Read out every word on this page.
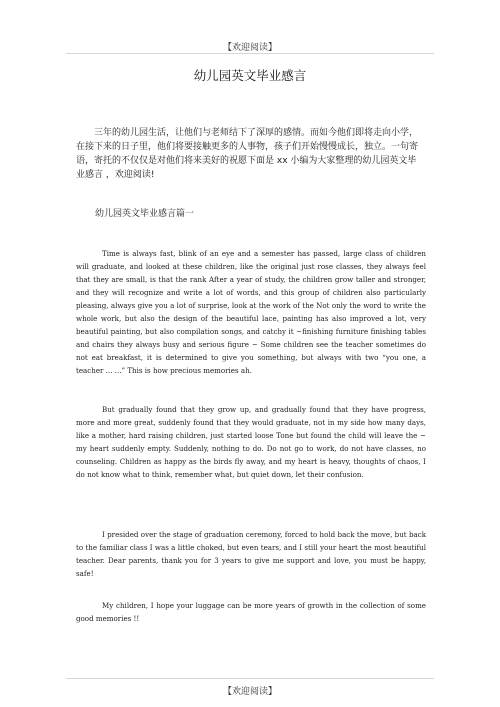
【欢迎阅读】
幼儿园英文毕业感言
三年的幼儿园生活，让他们与老师结下了深厚的感情。而如今他们即将走向小学，在接下来的日子里，他们将要接触更多的人事物，孩子们开始慢慢成长，独立。一句寄语，寄托的不仅仅是对他们将来美好的祝愿下面是 xx 小编为大家整理的幼儿园英文毕业感言 ，欢迎阅读!
幼儿园英文毕业感言篇一

Time is always fast, blink of an eye and a semester has passed, large class of children will graduate, and looked at these children, like the original just rose classes, they always feel that they are small, is that the rank After a year of study, the children grow taller and stronger, and they will recognize and write a lot of words, and this group of children also particularly pleasing, always give you a lot of surprise, look at the work of the Not only the word to write the whole work, but also the design of the beautiful lace, painting has also improved a lot, very beautiful painting, but also compilation songs, and catchy it ~finishing furniture finishing tables and chairs they always busy and serious figure ~ Some children see the teacher sometimes do not eat breakfast, it is determined to give you something, but always with two “you one, a teacher ... ...” This is how precious memories ah.

But gradually found that they grow up, and gradually found that they have progress, more and more great, suddenly found that they would graduate, not in my side how many days, like a mother, hard raising children, just started loose Tone but found the child will leave the ~ my heart suddenly empty. Suddenly, nothing to do. Do not go to work, do not have classes, no counseling. Children as happy as the birds fly away, and my heart is heavy, thoughts of chaos, I do not know what to think, remember what, but quiet down, let their confusion.

I presided over the stage of graduation ceremony, forced to hold back the move, but back to the familiar class I was a little choked, but even tears, and I still your heart the most beautiful teacher. Dear parents, thank you for 3 years to give me support and love, you must be happy, safe!

My children, I hope your luggage can be more years of growth in the collection of some good memories !!

【欢迎阅读】
